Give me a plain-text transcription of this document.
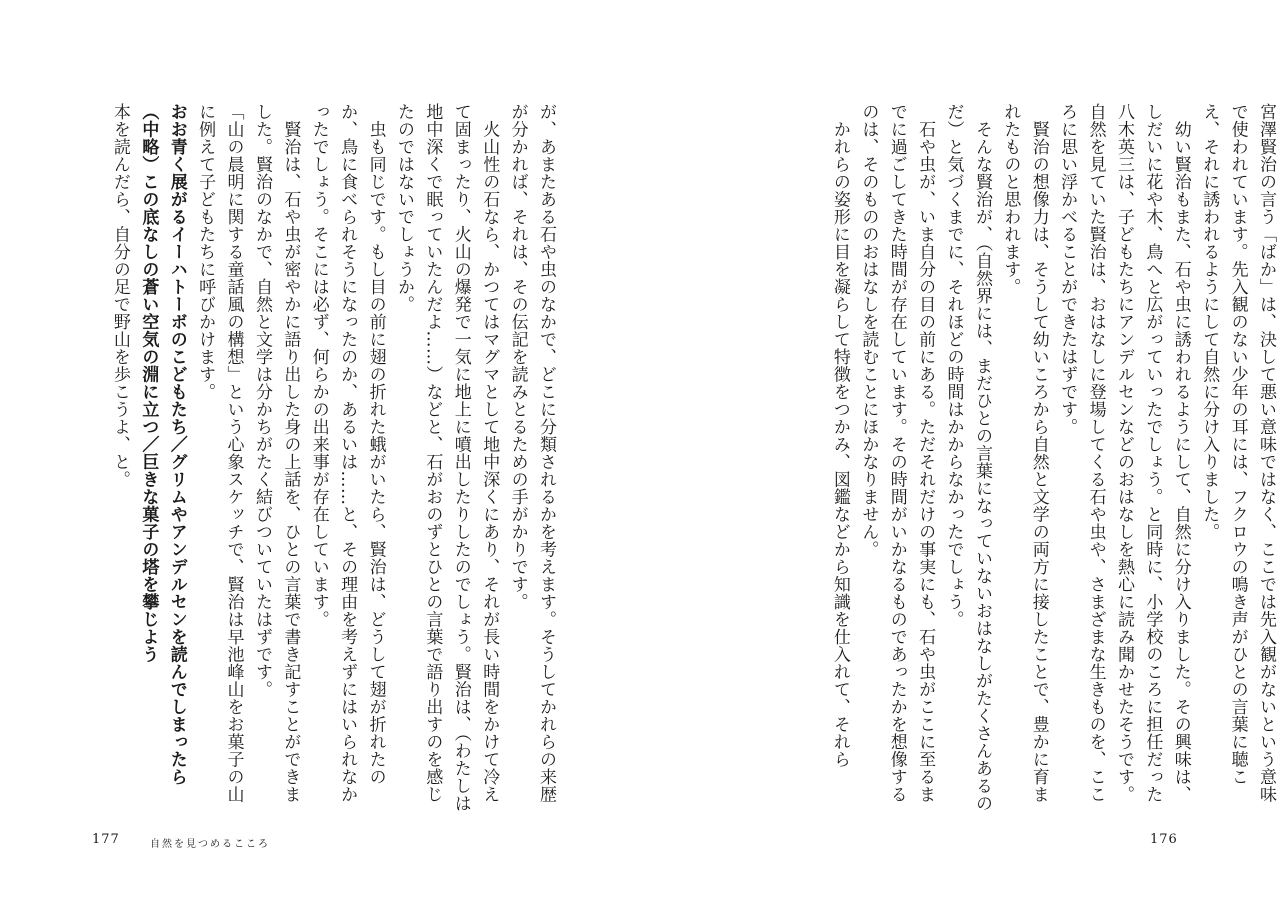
宮澤賢治の言う「ばか」は、決して悪い意味ではなく、ここでは先入観がないという意味で使われています。先入観のない少年の耳には、フクロウの鳴き声がひとの言葉に聴こえ、それに誘われるようにして自然に分け入りました。
　幼い賢治もまた、石や虫に誘われるようにして、自然に分け入りました。その興味は、しだいに花や木、鳥へと広がっていったでしょう。と同時に、小学校のころに担任だった八木英三は、子どもたちにアンデルセンなどのおはなしを熱心に読み聞かせたそうです。自然を見ていた賢治は、おはなしに登場してくる石や虫や、さまざまな生きものを、こころに思い浮かべることができたはずです。
　賢治の想像力は、そうして幼いころから自然と文学の両方に接したことで、豊かに育まれたものと思われます。
　そんな賢治が、（自然界には、まだひとの言葉になっていないおはなしがたくさんあるのだ）と気づくまでに、それほどの時間はかからなかったでしょう。
　石や虫が、いま自分の目の前にある。ただそれだけの事実にも、石や虫がここに至るまでに過ごしてきた時間が存在しています。その時間がいかなるものであったかを想像するのは、そのもののおはなしを読むことにほかなりません。
　かれらの姿形に目を凝らして特徴をつかみ、図鑑などから知識を仕入れて、それら
が、あまたある石や虫のなかで、どこに分類されるかを考えます。そうしてかれらの来歴が分かれば、それは、その伝記を読みとるための手がかりです。
　火山性の石なら、かつてはマグマとして地中深くにあり、それが長い時間をかけて冷えて固まったり、火山の爆発で一気に地上に噴出したりしたのでしょう。賢治は、（わたしは地中深くで眠っていたんだよ……）などと、石がおのずとひとの言葉で語り出すのを感じたのではないでしょうか。
　虫も同じです。もし目の前に翅の折れた蛾がいたら、賢治は、どうして翅が折れたのか、鳥に食べられそうになったのか、あるいは……と、その理由を考えずにはいられなかったでしょう。そこには必ず、何らかの出来事が存在しています。
　賢治は、石や虫が密やかに語り出した身の上話を、ひとの言葉で書き記すことができました。賢治のなかで、自然と文学は分かちがたく結びついていたはずです。
「山の晨明に関する童話風の構想」という心象スケッチで、賢治は早池峰山をお菓子の山に例えて子どもたちに呼びかけます。
おお青く展がるイーハトーボのこどもたち／グリムやアンデルセンを読んでしまったら（中略）この底なしの蒼い空気の淵に立つ／巨きな菓子の塔を攀じよう
本を読んだら、自分の足で野山を歩こうよ、と。
176
177	自然を見つめるこころ
